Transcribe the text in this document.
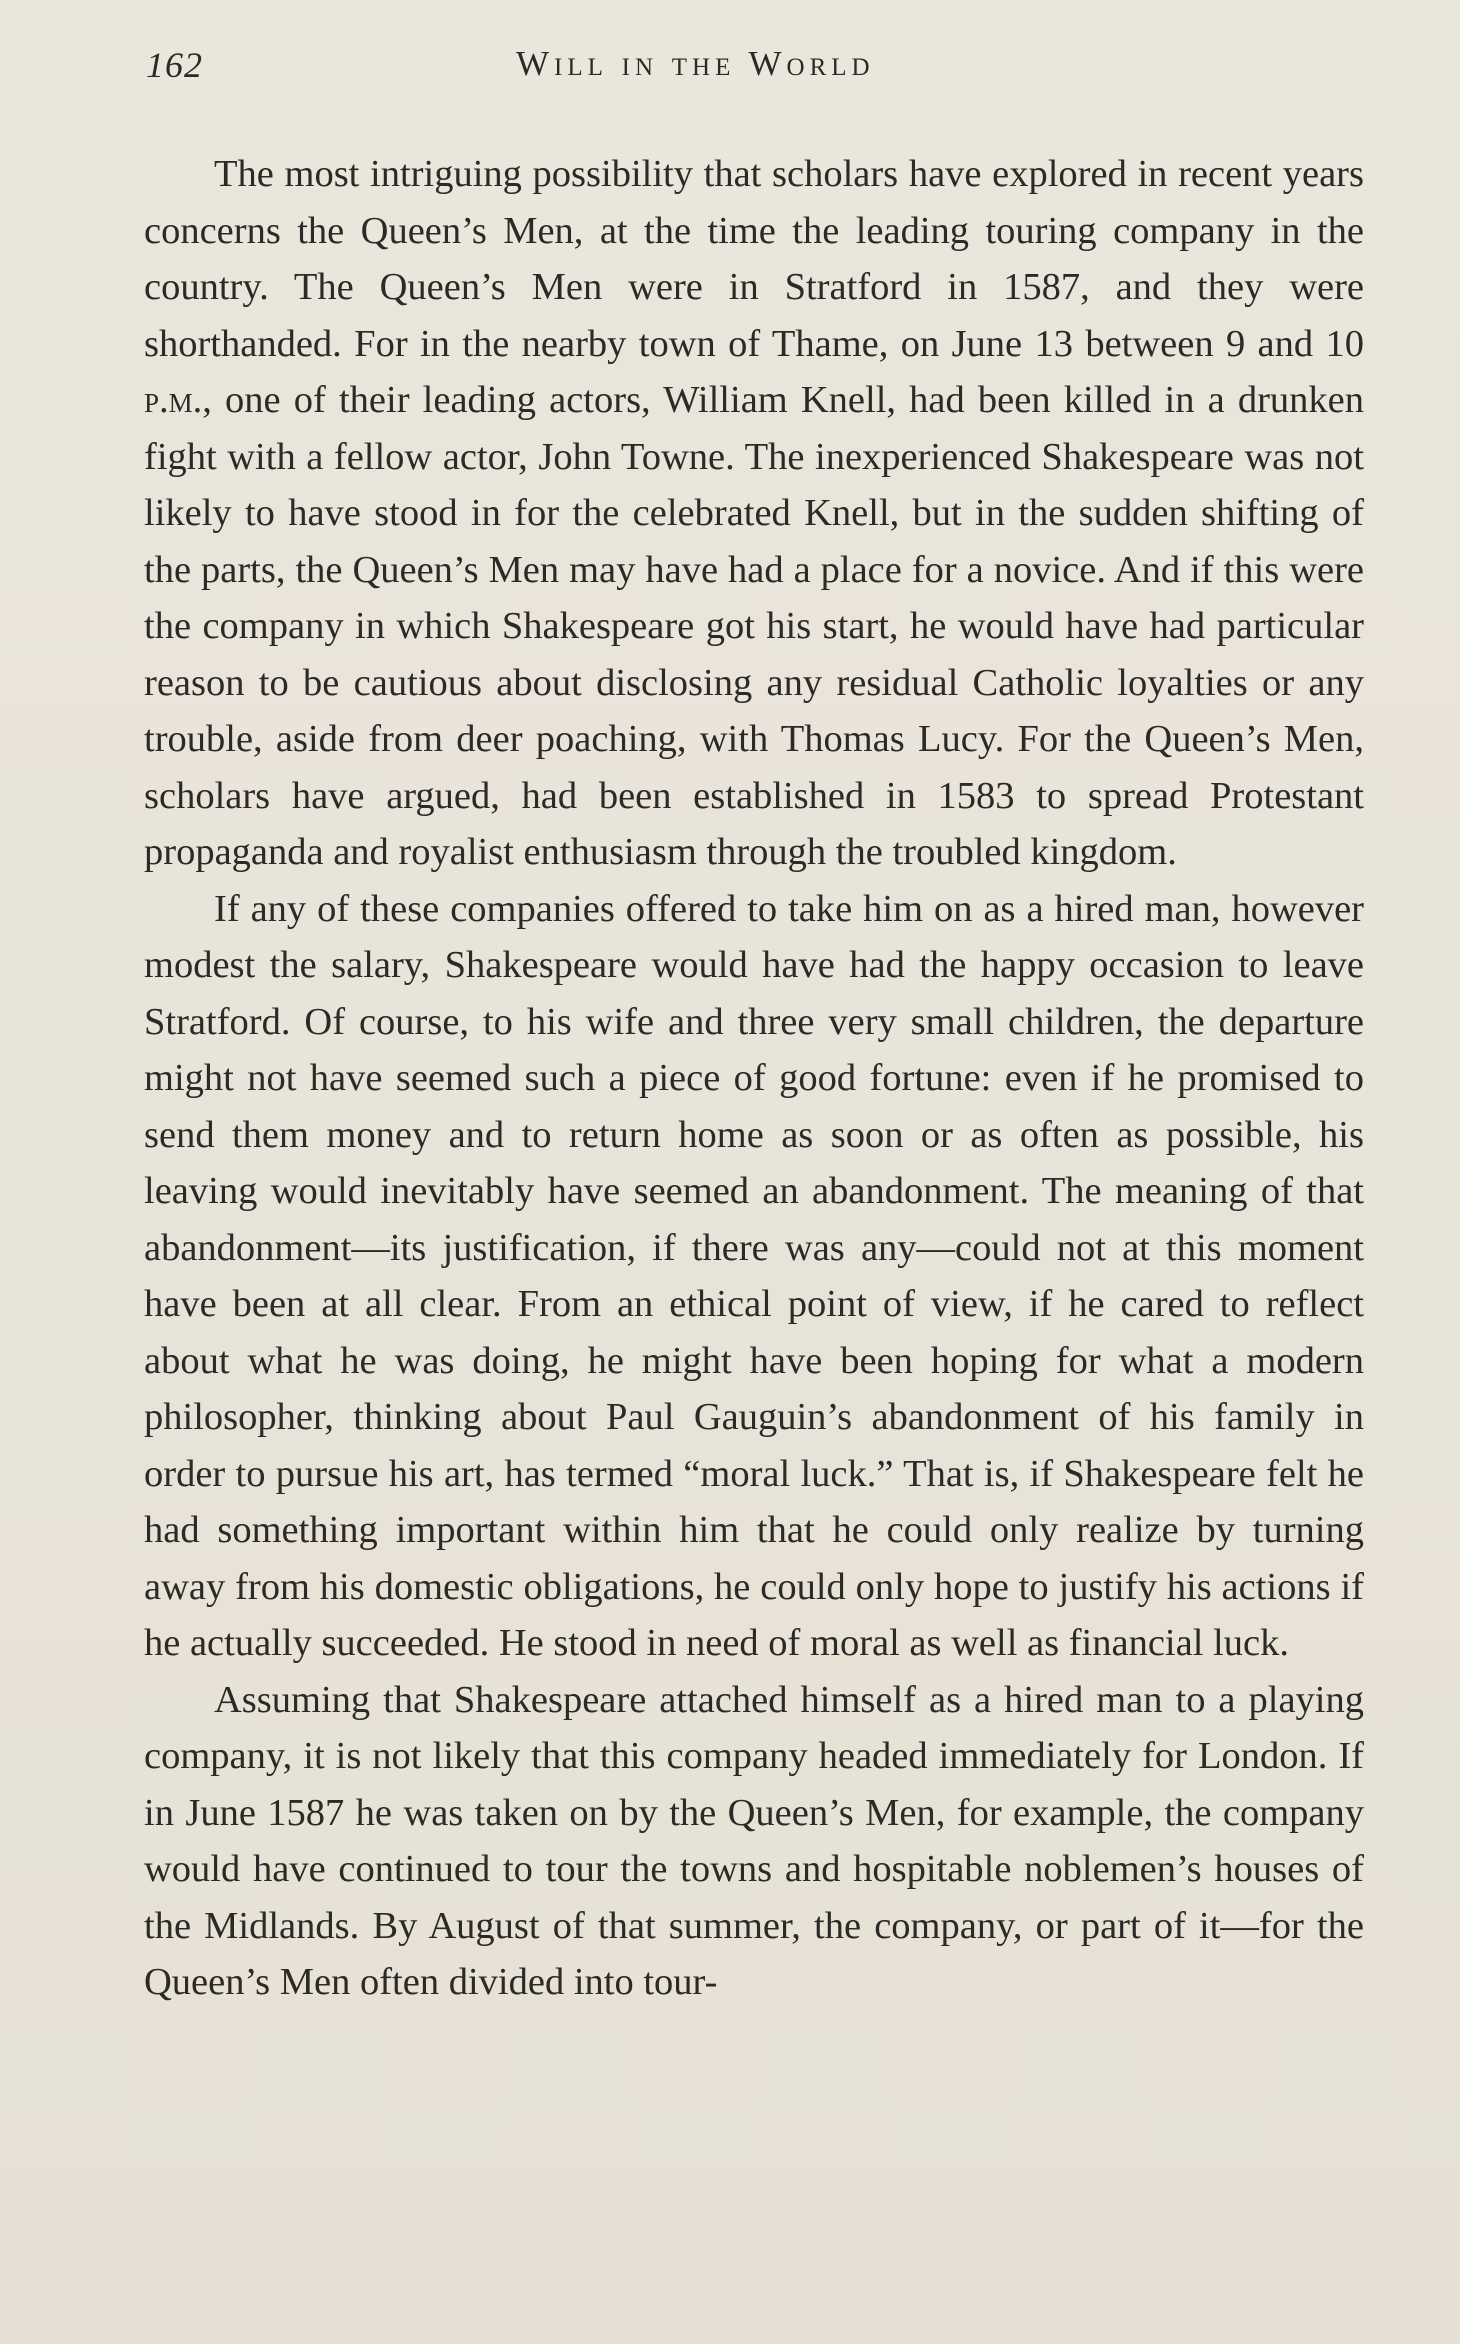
162	Will in the World

The most intriguing possibility that scholars have explored in recent years concerns the Queen’s Men, at the time the leading touring company in the country. The Queen’s Men were in Stratford in 1587, and they were shorthanded. For in the nearby town of Thame, on June 13 between 9 and 10 p.m., one of their leading actors, William Knell, had been killed in a drunken fight with a fellow actor, John Towne. The inexperienced Shakespeare was not likely to have stood in for the celebrated Knell, but in the sudden shifting of the parts, the Queen’s Men may have had a place for a novice. And if this were the company in which Shakespeare got his start, he would have had particular reason to be cautious about disclosing any residual Catholic loyalties or any trouble, aside from deer poaching, with Thomas Lucy. For the Queen’s Men, scholars have argued, had been established in 1583 to spread Protestant propaganda and royalist enthusiasm through the troubled kingdom.

If any of these companies offered to take him on as a hired man, however modest the salary, Shakespeare would have had the happy occasion to leave Stratford. Of course, to his wife and three very small children, the departure might not have seemed such a piece of good fortune: even if he promised to send them money and to return home as soon or as often as possible, his leaving would inevitably have seemed an abandonment. The meaning of that abandonment—its justification, if there was any—could not at this moment have been at all clear. From an ethical point of view, if he cared to reflect about what he was doing, he might have been hoping for what a modern philosopher, thinking about Paul Gauguin’s abandonment of his family in order to pursue his art, has termed “moral luck.” That is, if Shakespeare felt he had something important within him that he could only realize by turning away from his domestic obligations, he could only hope to justify his actions if he actually succeeded. He stood in need of moral as well as financial luck.

Assuming that Shakespeare attached himself as a hired man to a playing company, it is not likely that this company headed immediately for London. If in June 1587 he was taken on by the Queen’s Men, for example, the company would have continued to tour the towns and hospitable noblemen’s houses of the Midlands. By August of that summer, the company, or part of it—for the Queen’s Men often divided into tour-
